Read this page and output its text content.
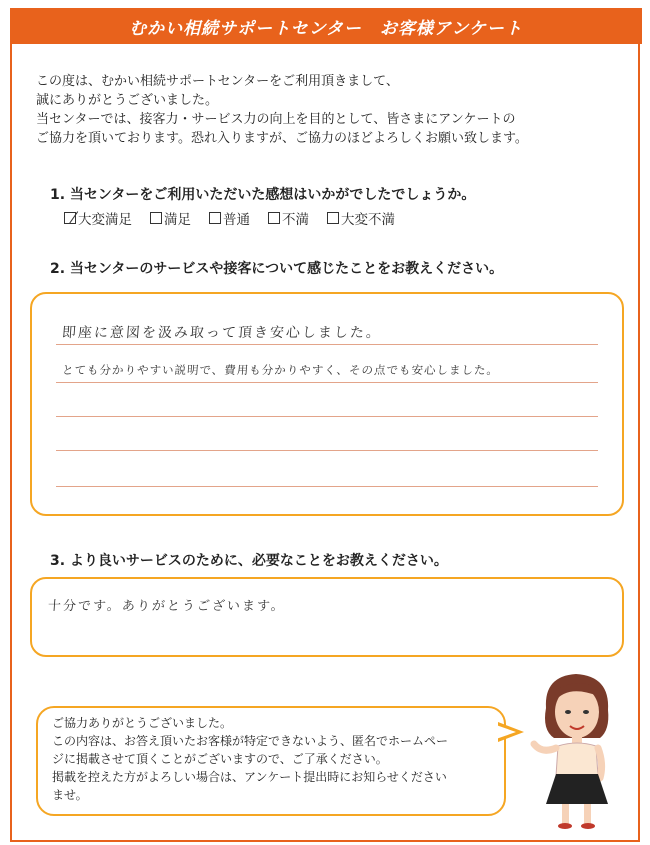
むかい相続サポートセンター　お客様アンケート
この度は、むかい相続サポートセンターをご利用頂きまして、
誠にありがとうございました。
当センターでは、接客力・サービス力の向上を目的として、皆さまにアンケートの
ご協力を頂いております。恐れ入りますが、ご協力のほどよろしくお願い致します。
1. 当センターをご利用いただいた感想はいかがでしたでしょうか。
大変満足 満足 普通 不満 大変不満
2. 当センターのサービスや接客について感じたことをお教えください。
即座に意図を汲み取って頂き安心しました。
とても分かりやすい説明で、費用も分かりやすく、その点でも安心しました。
3. より良いサービスのために、必要なことをお教えください。
十分です。ありがとうございます。
ご協力ありがとうございました。
この内容は、お答え頂いたお客様が特定できないよう、匿名でホームペー
ジに掲載させて頂くことがございますので、ご了承ください。
掲載を控えた方がよろしい場合は、アンケート提出時にお知らせください
ませ。
